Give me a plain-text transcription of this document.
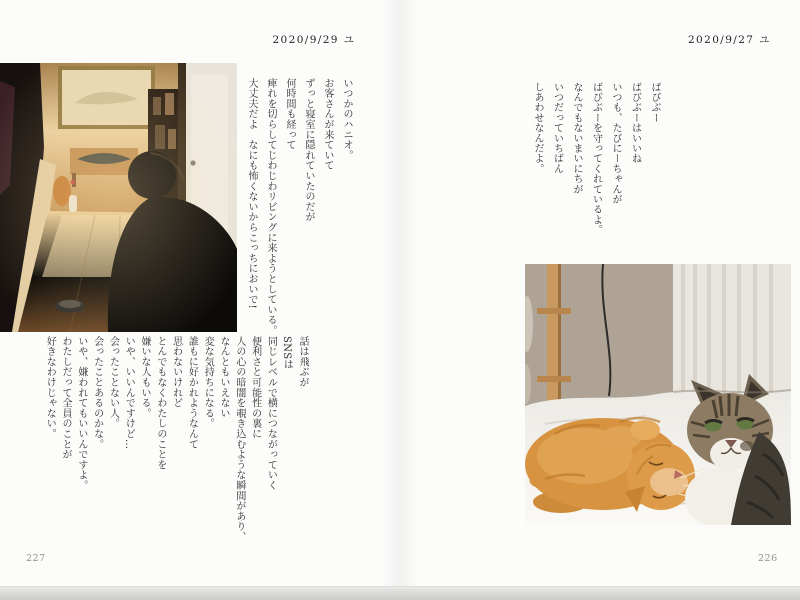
2020/9/29 ユ
いつかのハニオ。
お客さんが来ていて
ずっと寝室に隠れていたのだが
何時間も経って
痺れを切らしてじわじわリビングに来ようとしている。
大丈夫だよ　なにも怖くないからこっちにおいで!
話は飛ぶが
SNSは
同じレベルで横につながっていく
便利さと可能性の裏に
人の心の暗闇を覗き込むような瞬間があり、
なんともいえない
変な気持ちになる。
誰もに好かれようなんて
思わないけれど
とんでもなくわたしのことを
嫌いな人もいる。
いや、いいんですけど…
会ったことない人。
会ったことあるのかな。
いや、嫌われてもいいんですよ。
わたしだって全員のことが
好きなわけじゃない。
227
2020/9/27 ユ
ばびぶー
ばびぶーはいいね
いつも、たびにーちゃんが
ばびぶーを守ってくれているよ。
なんでもないまいにちが
いつだっていちばん
しあわせなんだよ。
226
